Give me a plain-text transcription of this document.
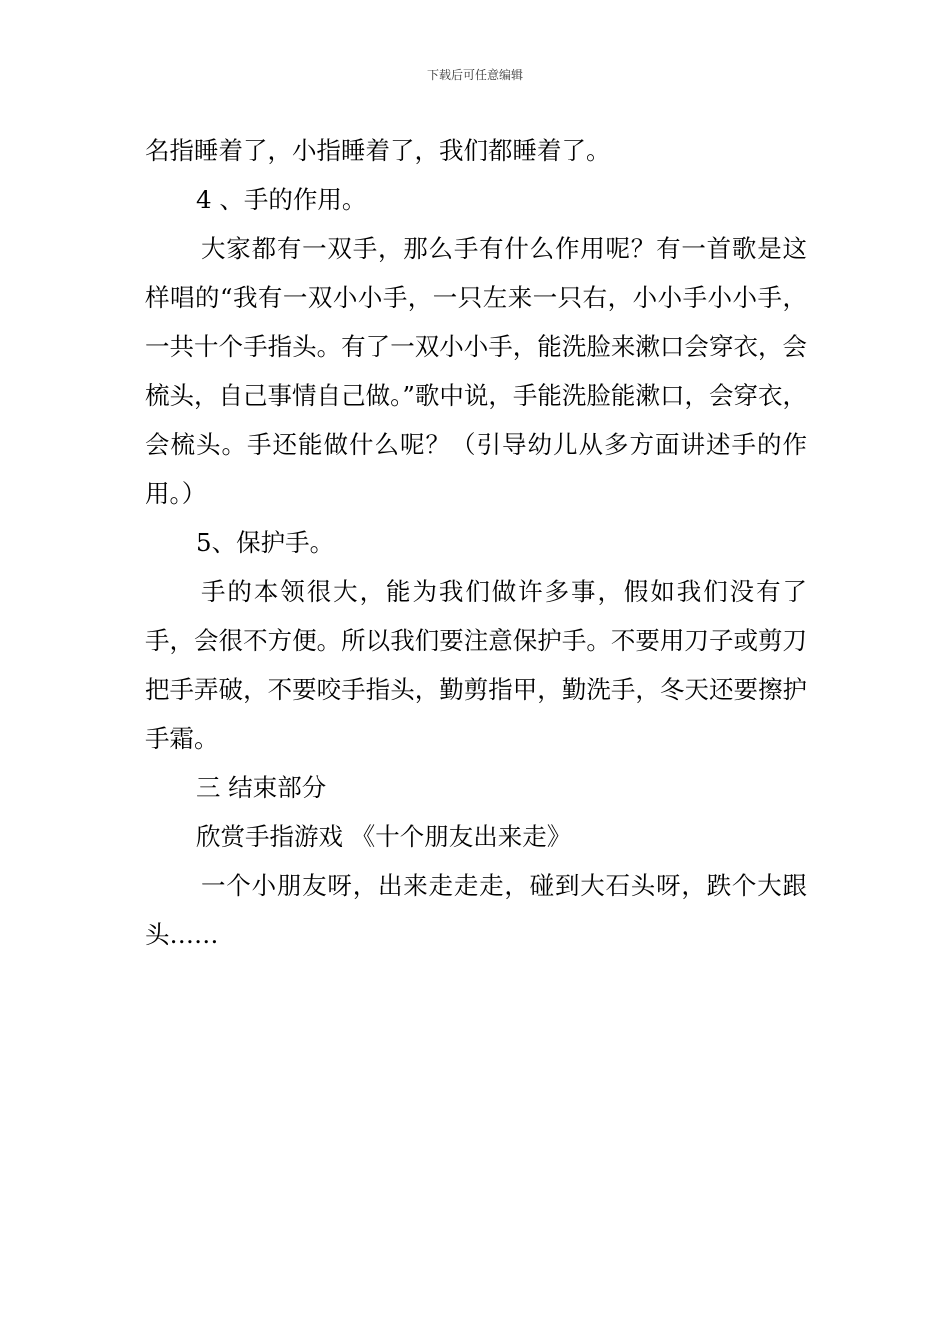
下载后可任意编辑

名指睡着了，小指睡着了，我们都睡着了。

4 、手的作用。

大家都有一双手，那么手有什么作用呢？有一首歌是这样唱的“我有一双小小手，一只左来一只右，小小手小小手，一共十个手指头。有了一双小小手，能洗脸来漱口会穿衣，会梳头，自己事情自己做。”歌中说，手能洗脸能漱口，会穿衣，会梳头。手还能做什么呢？（引导幼儿从多方面讲述手的作用。）

5、保护手。

手的本领很大，能为我们做许多事，假如我们没有了手，会很不方便。所以我们要注意保护手。不要用刀子或剪刀把手弄破，不要咬手指头，勤剪指甲，勤洗手，冬天还要擦护手霜。

三 结束部分

欣赏手指游戏 《十个朋友出来走》

一个小朋友呀，出来走走走，碰到大石头呀，跌个大跟头……
